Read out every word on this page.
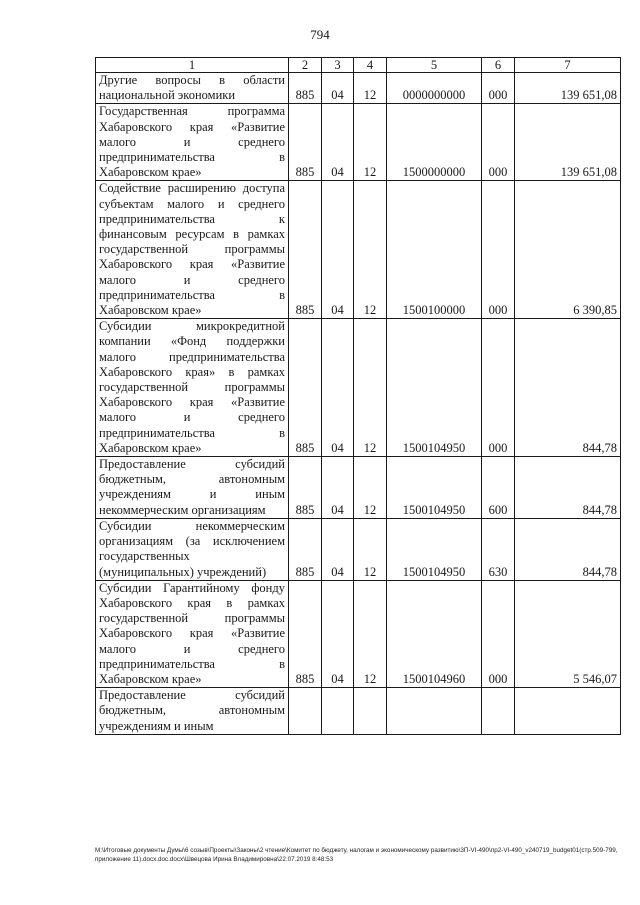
794
1	2	3	4	5	6	7
Другие вопросы в области национальной экономики	885	04	12	0000000000	000	139 651,08
Государственная программа Хабаровского края «Развитие малого и среднего предпринимательства в Хабаровском крае»	885	04	12	1500000000	000	139 651,08
Содействие расширению доступа субъектам малого и среднего предпринимательства к финансовым ресурсам в рамках государственной программы Хабаровского края «Развитие малого и среднего предпринимательства в Хабаровском крае»	885	04	12	1500100000	000	6 390,85
Субсидии микрокредитной компании «Фонд поддержки малого предпринимательства Хабаровского края» в рамках государственной программы Хабаровского края «Развитие малого и среднего предпринимательства в Хабаровском крае»	885	04	12	1500104950	000	844,78
Предоставление субсидий бюджетным, автономным учреждениям и иным некоммерческим организациям	885	04	12	1500104950	600	844,78
Субсидии некоммерческим организациям (за исключением государственных (муниципальных) учреждений)	885	04	12	1500104950	630	844,78
Субсидии Гарантийному фонду Хабаровского края в рамках государственной программы Хабаровского края «Развитие малого и среднего предпринимательства в Хабаровском крае»	885	04	12	1500104960	000	5 546,07
Предоставление субсидий бюджетным, автономным учреждениям и иным						
М:\Итоговые документы Думы\6 созыв\Проекты\Законы\2 чтение\Комитет по бюджету, налогам и экономическому развитию\3П-VI-490\пр2-VI-490_v240719_budget01(стр.509-799, приложение 11).docx.doc.docx\Швецова Ирина Владимировна\22.07.2019 8:48:53
